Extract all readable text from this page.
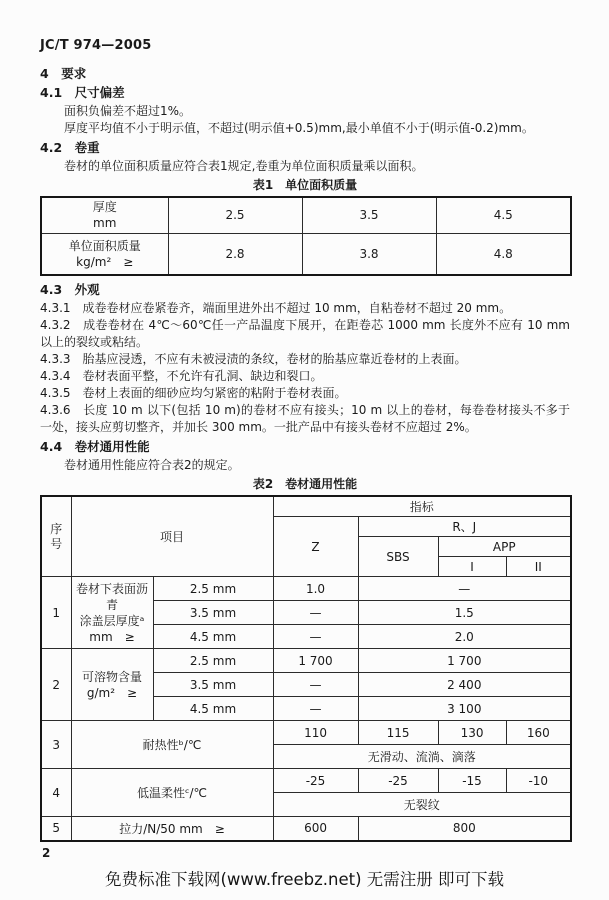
JC/T 974—2005
4　要求
4.1　尺寸偏差

面积负偏差不超过1%。

厚度平均值不小于明示值，不超过(明示值+0.5)mm,最小单值不小于(明示值-0.2)mm。

4.2　卷重

卷材的单位面积质量应符合表1规定,卷重为单位面积质量乘以面积。

表1　单位面积质量
厚度
mm	2.5	3.5	4.5

单位面积质量
kg/m²　≥	2.8	3.8	4.8
4.3　外观

4.3.1　成卷卷材应卷紧卷齐，端面里进外出不超过 10 mm，自粘卷材不超过 20 mm。

4.3.2　成卷卷材在 4℃～60℃任一产品温度下展开，在距卷芯 1000 mm 长度外不应有 10 mm 以上的裂纹或粘结。

4.3.3　胎基应浸透，不应有未被浸渍的条纹，卷材的胎基应靠近卷材的上表面。

4.3.4　卷材表面平整，不允许有孔洞、缺边和裂口。

4.3.5　卷材上表面的细砂应均匀紧密的粘附于卷材表面。

4.3.6　长度 10 m 以下(包括 10 m)的卷材不应有接头；10 m 以上的卷材，每卷卷材接头不多于一处，接头应剪切整齐，并加长 300 mm。一批产品中有接头卷材不应超过 2%。

4.4　卷材通用性能

卷材通用性能应符合表2的规定。

表2　卷材通用性能
序号	项目		指标			
			Z	R、J		
				SBS	APP	
					I	II
1	卷材下表面沥青
涂盖层厚度ᵃ
mm　≥	2.5 mm	1.0	—		
		3.5 mm	—	1.5		
		4.5 mm	—	2.0		
2	可溶物含量
g/m²　≥	2.5 mm	1 700	1 700		
		3.5 mm	—	2 400		
		4.5 mm	—	3 100		
3	耐热性ᵇ/℃		110	115	130	160
			无滑动、流淌、滴落			
4	低温柔性ᶜ/℃		-25	-25	-15	-10
			无裂纹			
5	拉力/N/50 mm　≥		600	800		
2
免费标准下载网(www.freebz.net) 无需注册 即可下载
